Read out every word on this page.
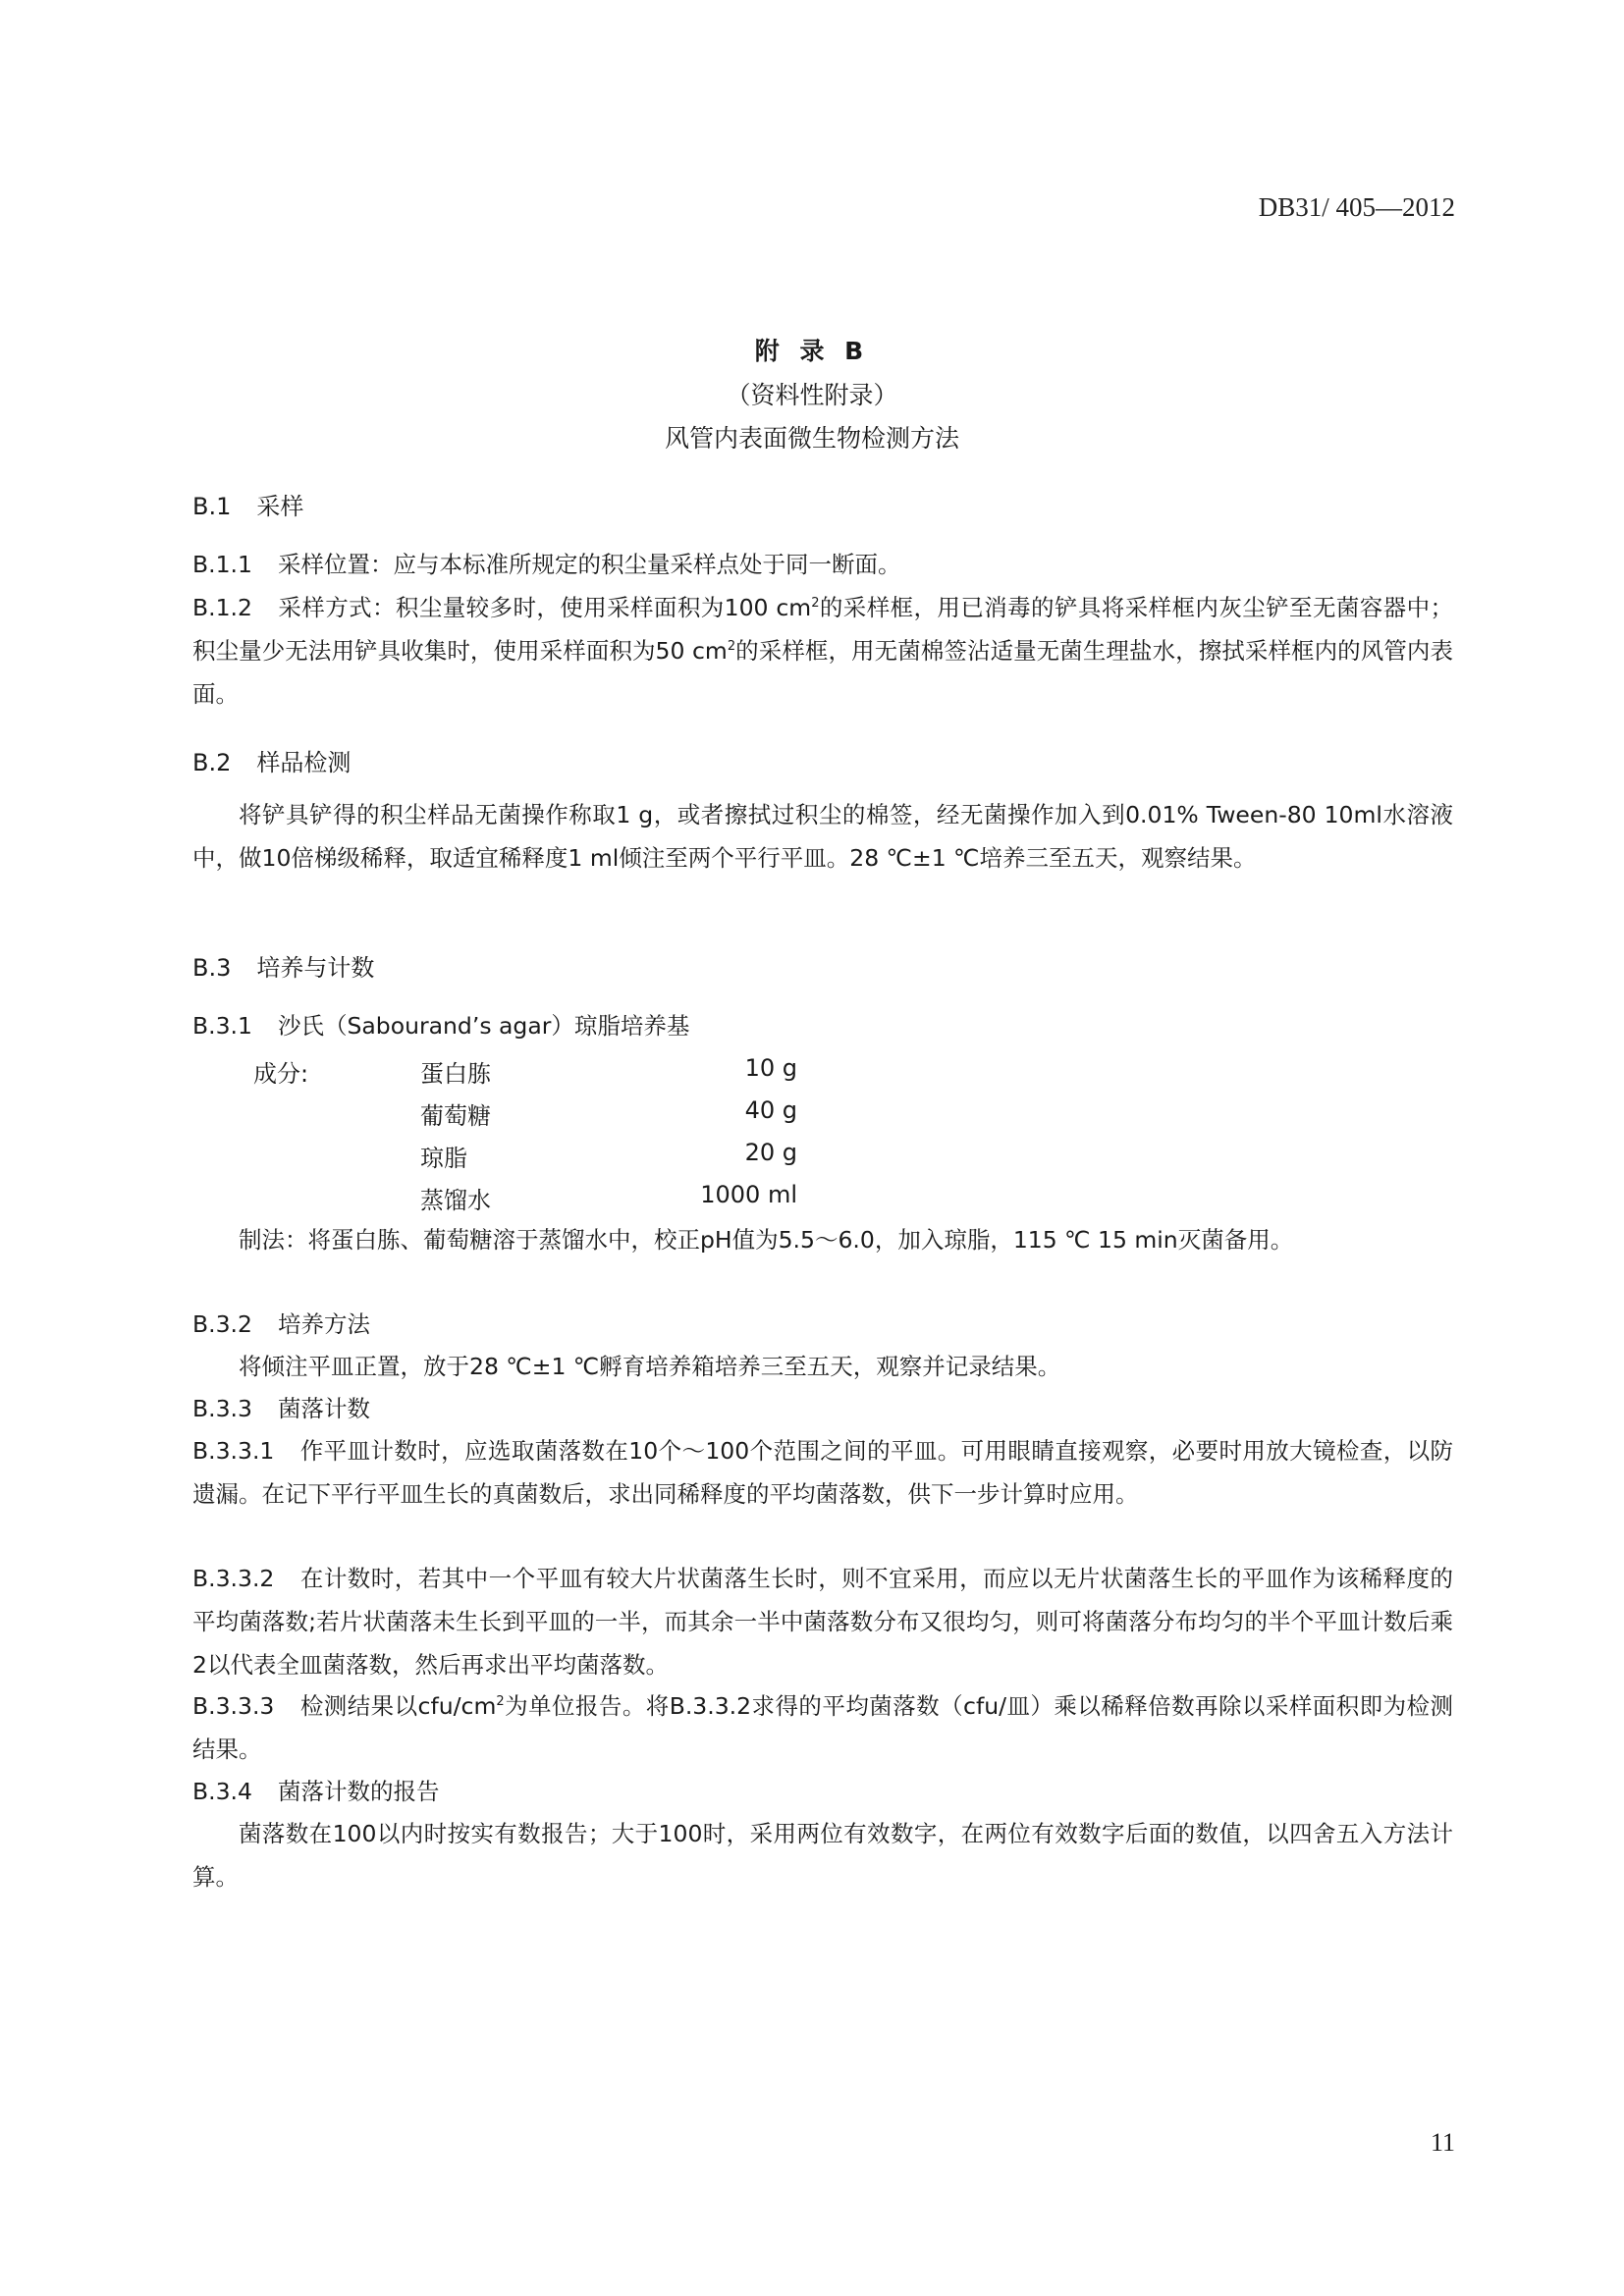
DB31/ 405—2012
附 录 B
（资料性附录）
风管内表面微生物检测方法
B.1 采样
B.1.1 采样位置：应与本标准所规定的积尘量采样点处于同一断面。
B.1.2 采样方式：积尘量较多时，使用采样面积为100 $cm^2$的采样框，用已消毒的铲具将采样框内灰尘铲至无菌容器中；积尘量少无法用铲具收集时，使用采样面积为50 $cm^2$的采样框，用无菌棉签沾适量无菌生理盐水，擦拭采样框内的风管内表面。
B.2 样品检测
将铲具铲得的积尘样品无菌操作称取1 g，或者擦拭过积尘的棉签，经无菌操作加入到0.01% Tween-80 10ml水溶液中，做10倍梯级稀释，取适宜稀释度1 ml倾注至两个平行平皿。28 ℃±1 ℃培养三至五天，观察结果。
B.3 培养与计数
B.3.1 沙氏（Sabourand’s agar）琼脂培养基
成分:	蛋白胨	10 g
葡萄糖	40 g
琼脂	20 g
蒸馏水	1000 ml
制法：将蛋白胨、葡萄糖溶于蒸馏水中，校正pH值为5.5～6.0，加入琼脂，115 ℃ 15 min灭菌备用。
B.3.2 培养方法
将倾注平皿正置，放于28 ℃±1 ℃孵育培养箱培养三至五天，观察并记录结果。
B.3.3 菌落计数
B.3.3.1 作平皿计数时，应选取菌落数在10个～100个范围之间的平皿。可用眼睛直接观察，必要时用放大镜检查，以防遗漏。在记下平行平皿生长的真菌数后，求出同稀释度的平均菌落数，供下一步计算时应用。
B.3.3.2 在计数时，若其中一个平皿有较大片状菌落生长时，则不宜采用，而应以无片状菌落生长的平皿作为该稀释度的平均菌落数;若片状菌落未生长到平皿的一半，而其余一半中菌落数分布又很均匀，则可将菌落分布均匀的半个平皿计数后乘2以代表全皿菌落数，然后再求出平均菌落数。
B.3.3.3 检测结果以cfu/$cm^2$为单位报告。将B.3.3.2求得的平均菌落数（cfu/皿）乘以稀释倍数再除以采样面积即为检测结果。
B.3.4 菌落计数的报告
菌落数在100以内时按实有数报告；大于100时，采用两位有效数字，在两位有效数字后面的数值，以四舍五入方法计算。
11
